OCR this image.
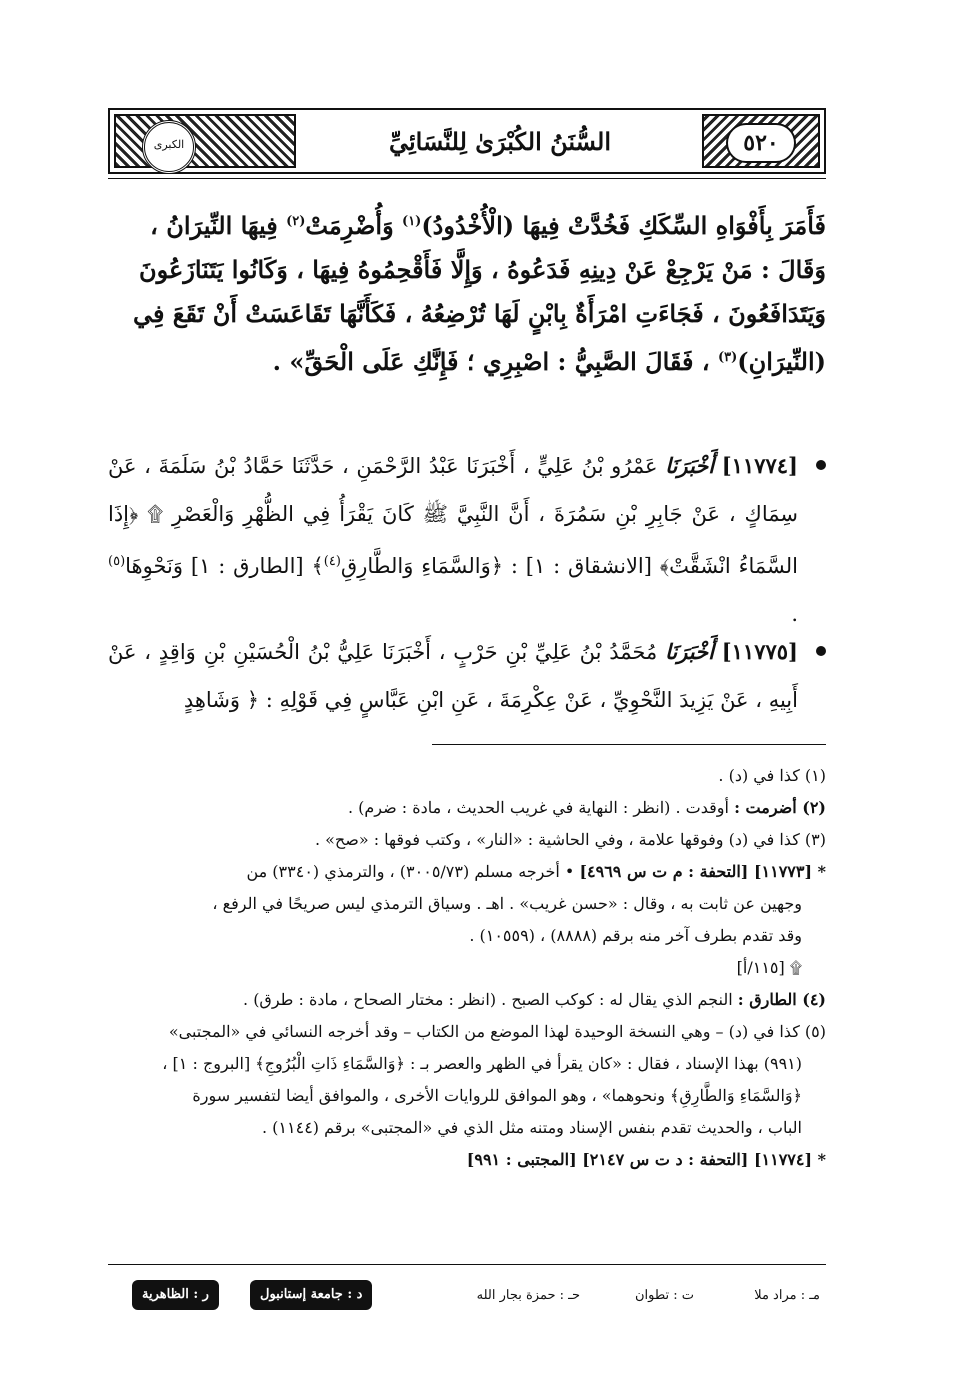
الكبرى	السُّنَنُ الكُبْرَىٰ لِلنَّسَائِيِّ	٥٢٠

فَأَمَرَ بِأَفْوَاهِ السِّكَكِ فَخُدَّتْ فِيهَا (الْأُخْدُودُ)$^{(١)}$ وَأُضْرِمَتْ$^{(٢)}$ فِيهَا النِّيرَانُ ،

وَقَالَ : مَنْ يَرْجِعْ عَنْ دِينِهِ فَدَعُوهُ ، وَإِلَّا فَأَقْحِمُوهُ فِيهَا ، وَكَانُوا يَتَنَازَعُونَ

وَيَتَدَافَعُونَ ، فَجَاءَتِ امْرَأَةٌ بِابْنٍ لَهَا تُرْضِعُهُ ، فَكَأَنَّهَا تَقَاعَسَتْ أَنْ تَقَعَ فِي

(النِّيرَانِ)$^{(٣)}$ ، فَقَالَ الصَّبِيُّ : اصْبِرِي ؛ فَإِنَّكِ عَلَى الْحَقِّ» .

[١١٧٧٤] أَخْبَرَنَا عَمْرُو بْنُ عَلِيٍّ ، أَخْبَرَنَا عَبْدُ الرَّحْمَنِ ، حَدَّثَنَا حَمَّادُ بْنُ سَلَمَةَ ، عَنْ سِمَاكٍ ، عَنْ جَابِرِ بْنِ سَمُرَةَ ، أَنَّ النَّبِيَّ ﷺ كَانَ يَقْرَأُ فِي الظُّهْرِ وَالْعَصْرِ ۩ ﴿إِذَا السَّمَاءُ انْشَقَّتْ﴾ [الانشقاق : ١] : ﴿وَالسَّمَاءِ وَالطَّارِقِ$^{(٤)}$﴾ [الطارق : ١] وَنَحْوِهَا$^{(٥)}$ .
[١١٧٧٥] أَخْبَرَنَا مُحَمَّدُ بْنُ عَلِيِّ بْنِ حَرْبٍ ، أَخْبَرَنَا عَلِيُّ بْنُ الْحُسَيْنِ بْنِ وَاقِدٍ ، عَنْ أَبِيهِ ، عَنْ يَزِيدَ النَّحْوِيِّ ، عَنْ عِكْرِمَةَ ، عَنِ ابْنِ عَبَّاسٍ فِي قَوْلِهِ : ﴿ وَشَاهِدٍ

(١) كذا في (د) .

(٢) أضرمت : أوقدت . (انظر : النهاية في غريب الحديث ، مادة : ضرم) .

(٣) كذا في (د) وفوقها علامة ، وفي الحاشية : «النار» ، وكتب فوقها : «صح» .

* [١١٧٧٣] [التحفة : م ت س ٤٩٦٩] • أخرجه مسلم (٣٠٠٥/٧٣) ، والترمذي (٣٣٤٠) من

وجهين عن ثابت به ، وقال : «حسن غريب» . اهـ . وسياق الترمذي ليس صريحًا في الرفع ،

وقد تقدم بطرف آخر منه برقم (٨٨٨٨) ، (١٠٥٥٩) .

۩ [١١٥/أ]

(٤) الطارق : النجم الذي يقال له : كوكب الصبح . (انظر : مختار الصحاح ، مادة : طرق) .

(٥) كذا في (د) – وهي النسخة الوحيدة لهذا الموضع من الكتاب – وقد أخرجه النسائي في «المجتبى»

(٩٩١) بهذا الإسناد ، فقال : «كان يقرأ في الظهر والعصر بـ : ﴿وَالسَّمَاءِ ذَاتِ الْبُرُوجِ﴾ [البروج : ١] ،

﴿وَالسَّمَاءِ وَالطَّارِقِ﴾ ونحوهما» ، وهو الموافق للروايات الأخرى ، والموافق أيضا لتفسير سورة

الباب ، والحديث تقدم بنفس الإسناد ومتنه مثل الذي في «المجتبى» برقم (١١٤٤) .

* [١١٧٧٤] [التحفة : د ت س ٢١٤٧] [المجتبى : ٩٩١]

مـ : مراد ملا
ت : تطوان
حـ : حمزة بجار الله
د : جامعة إستانبول
ر : الظاهرية
